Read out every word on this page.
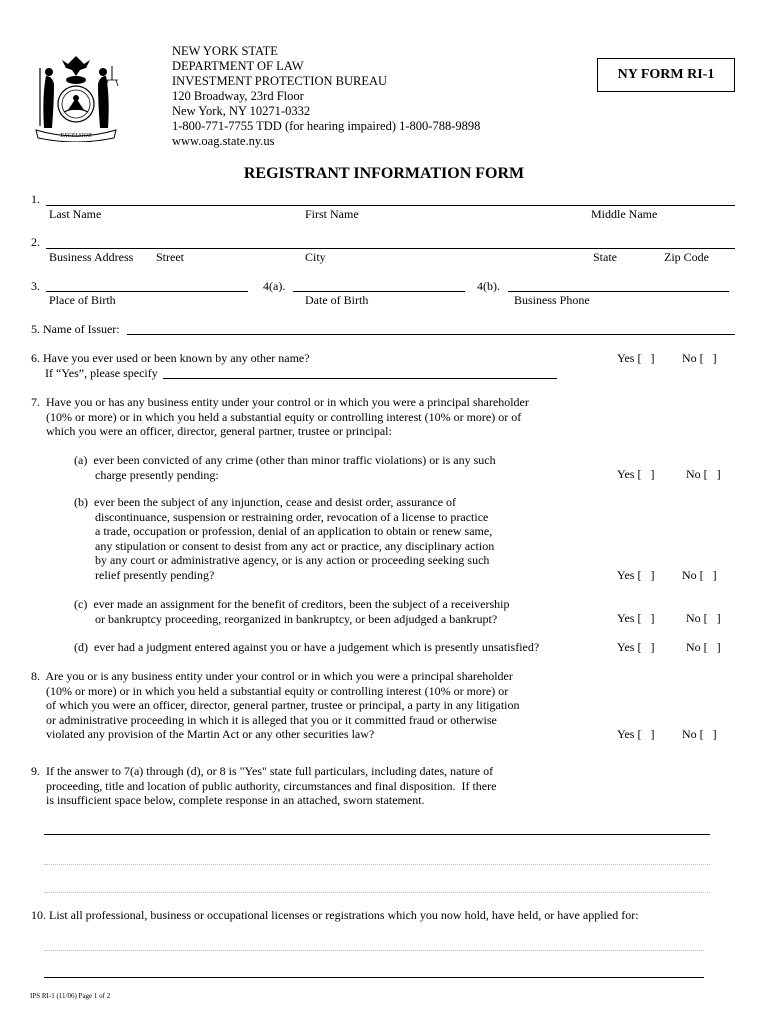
EXCELSIOR
NEW YORK STATE
DEPARTMENT OF LAW
INVESTMENT PROTECTION BUREAU
120 Broadway, 23rd Floor
New York, NY 10271-0332
1-800-771-7755 TDD (for hearing impaired) 1-800-788-9898
www.oag.state.ny.us
NY FORM RI-1
REGISTRANT INFORMATION FORM
1.
Last Name	First Name	Middle Name
2.
Business Address Street	City	State	Zip Code
3.
Place of Birth
4(a).
Date of Birth
4(b).
Business Phone
5. Name of Issuer:
6. Have you ever used or been known by any other name?
If “Yes”, please specify
Yes [   ] No [   ]
7.  Have you or has any business entity under your control or in which you were a principal shareholder
(10% or more) or in which you held a substantial equity or controlling interest (10% or more) or of
which you were an officer, director, general partner, trustee or principal:
(a)  ever been convicted of any crime (other than minor traffic violations) or is any such
charge presently pending:	Yes [   ]	No [   ]
(b)  ever been the subject of any injunction, cease and desist order, assurance of
discontinuance, suspension or restraining order, revocation of a license to practice
a trade, occupation or profession, denial of an application to obtain or renew same,
any stipulation or consent to desist from any act or practice, any disciplinary action
by any court or administrative agency, or is any action or proceeding seeking such
relief presently pending?	Yes [   ] No [   ]
(c)  ever made an assignment for the benefit of creditors, been the subject of a receivership
or bankruptcy proceeding, reorganized in bankruptcy, or been adjudged a bankrupt?	Yes [   ]	No [   ]
(d)  ever had a judgment entered against you or have a judgement which is presently unsatisfied?	Yes [   ]	No [   ]
8.  Are you or is any business entity under your control or in which you were a principal shareholder
(10% or more) or in which you held a substantial equity or controlling interest (10% or more) or
of which you were an officer, director, general partner, trustee or principal, a party in any litigation
or administrative proceeding in which it is alleged that you or it committed fraud or otherwise
violated any provision of the Martin Act or any other securities law?	Yes [   ] No [   ]
9.  If the answer to 7(a) through (d), or 8 is "Yes" state full particulars, including dates, nature of
proceeding, title and location of public authority, circumstances and final disposition.  If there
is insufficient space below, complete response in an attached, sworn statement.
10. List all professional, business or occupational licenses or registrations which you now hold, have held, or have applied for:
IPS RI-1 (11/06) Page 1 of 2
